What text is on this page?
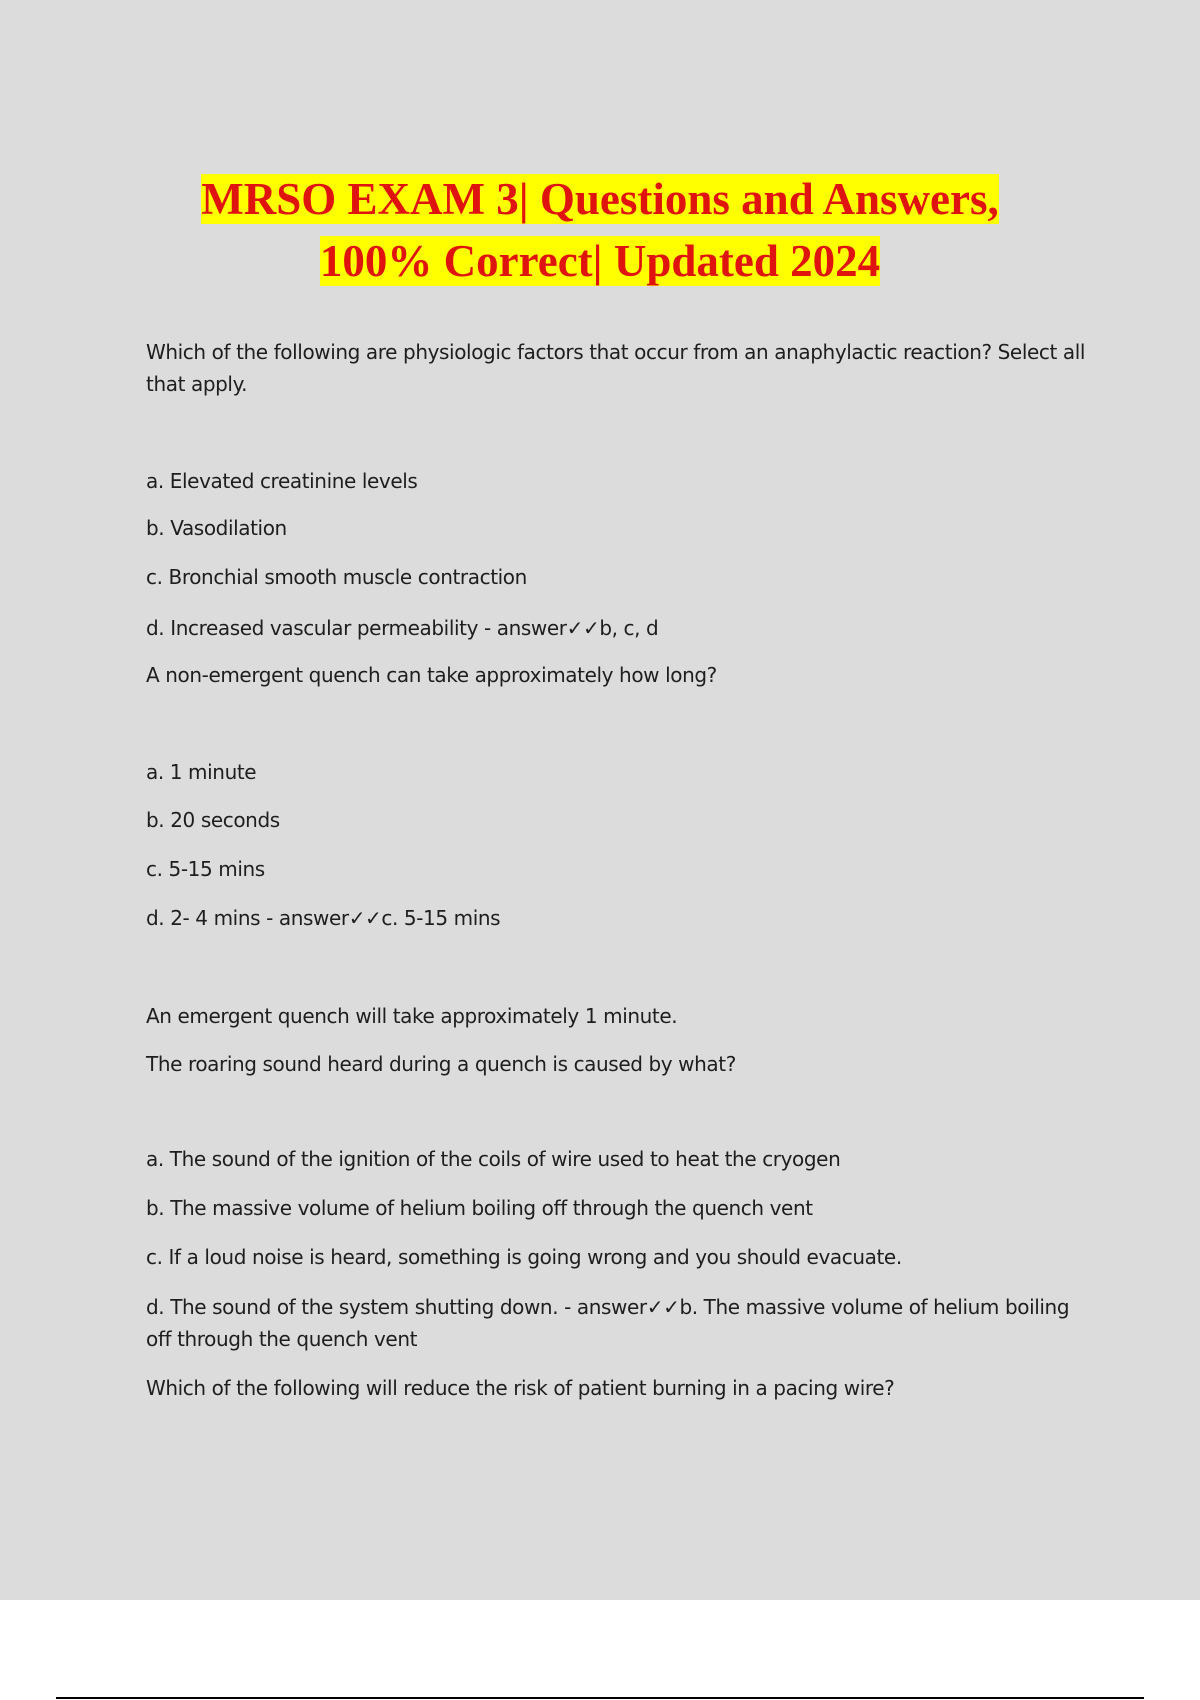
MRSO EXAM 3| Questions and Answers,
100% Correct| Updated 2024
Which of the following are physiologic factors that occur from an anaphylactic reaction? Select all that apply.
a. Elevated creatinine levels
b. Vasodilation
c. Bronchial smooth muscle contraction
d. Increased vascular permeability - answer✓✓b, c, d
A non-emergent quench can take approximately how long?
a. 1 minute
b. 20 seconds
c. 5-15 mins
d. 2- 4 mins - answer✓✓c. 5-15 mins
An emergent quench will take approximately 1 minute.
The roaring sound heard during a quench is caused by what?
a. The sound of the ignition of the coils of wire used to heat the cryogen
b. The massive volume of helium boiling off through the quench vent
c. If a loud noise is heard, something is going wrong and you should evacuate.
d. The sound of the system shutting down. - answer✓✓b. The massive volume of helium boiling off through the quench vent
Which of the following will reduce the risk of patient burning in a pacing wire?
